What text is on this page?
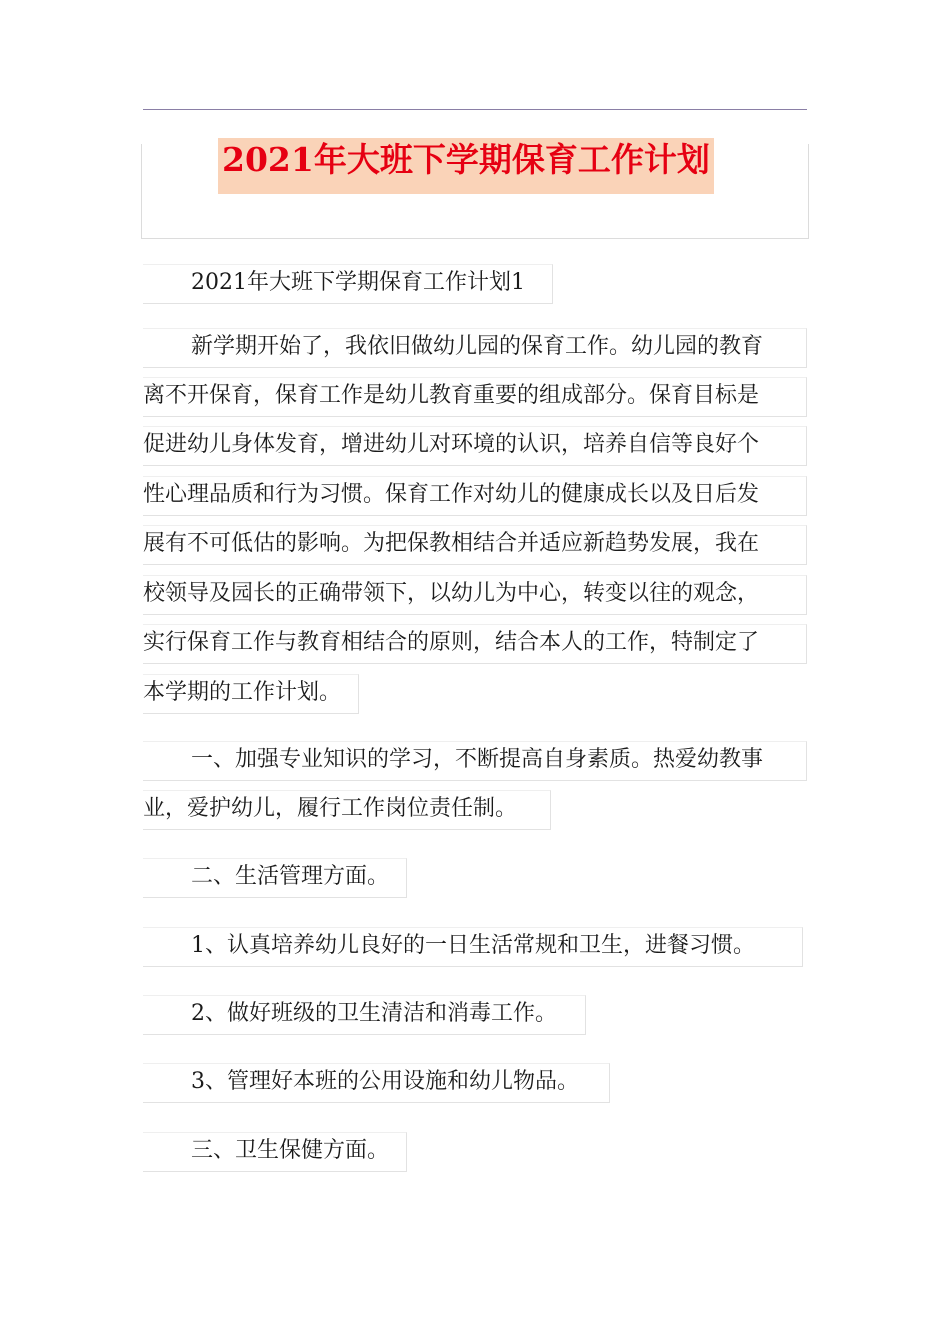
2021年大班下学期保育工作计划
2021年大班下学期保育工作计划1
新学期开始了，我依旧做幼儿园的保育工作。幼儿园的教育
离不开保育，保育工作是幼儿教育重要的组成部分。保育目标是
促进幼儿身体发育，增进幼儿对环境的认识，培养自信等良好个
性心理品质和行为习惯。保育工作对幼儿的健康成长以及日后发
展有不可低估的影响。为把保教相结合并适应新趋势发展，我在
校领导及园长的正确带领下，以幼儿为中心，转变以往的观念，
实行保育工作与教育相结合的原则，结合本人的工作，特制定了
本学期的工作计划。
一、加强专业知识的学习，不断提高自身素质。热爱幼教事
业，爱护幼儿，履行工作岗位责任制。
二、生活管理方面。
1、认真培养幼儿良好的一日生活常规和卫生，进餐习惯。
2、做好班级的卫生清洁和消毒工作。
3、管理好本班的公用设施和幼儿物品。
三、卫生保健方面。
